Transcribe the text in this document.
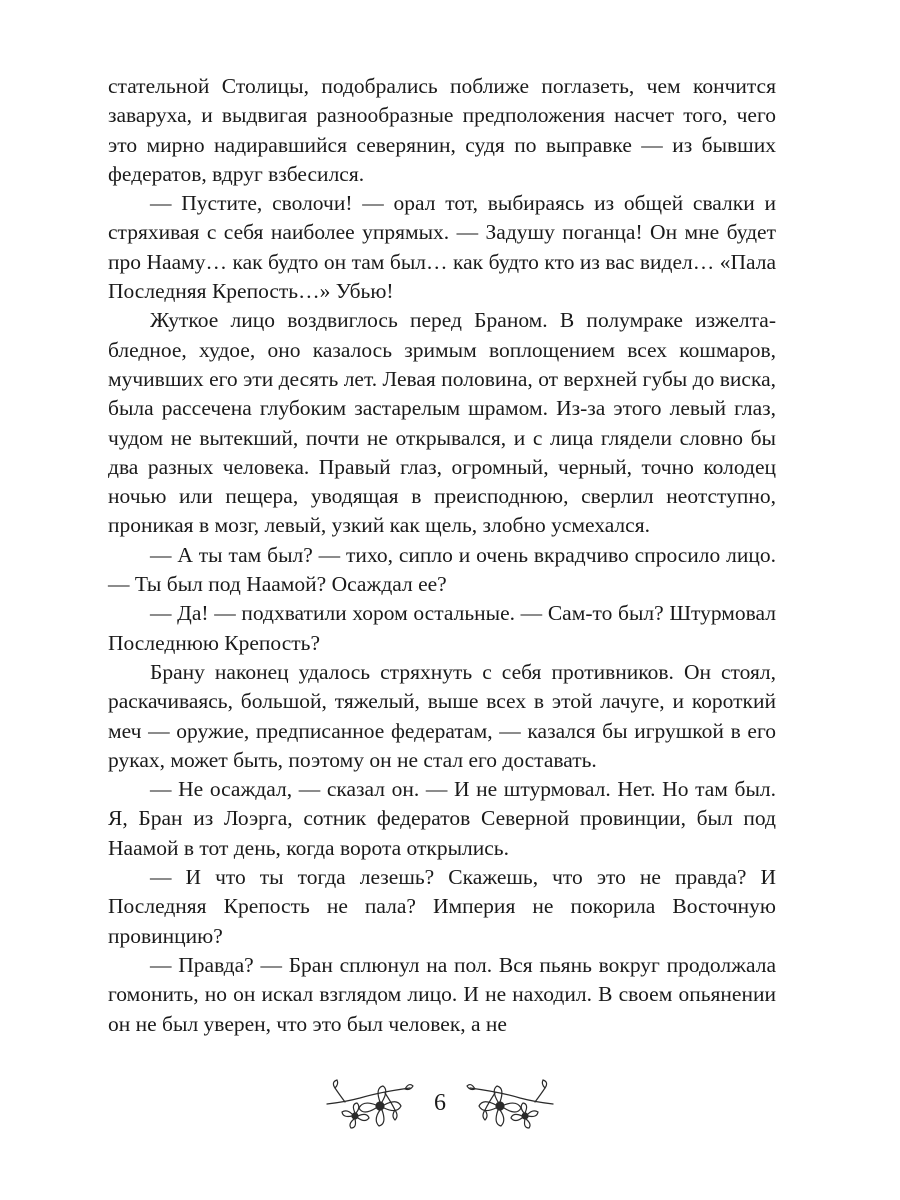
стательной Столицы, подобрались поближе поглазеть, чем кончится заваруха, и выдвигая разнообразные предположения насчет того, чего это мирно надиравшийся северянин, судя по выправке — из бывших федератов, вдруг взбесился.

— Пустите, сволочи! — орал тот, выбираясь из общей свалки и стряхивая с себя наиболее упрямых. — Задушу поганца! Он мне будет про Нааму… как будто он там был… как будто кто из вас видел… «Пала Последняя Крепость…» Убью!

Жуткое лицо воздвиглось перед Браном. В полумраке изжелта-бледное, худое, оно казалось зримым воплощением всех кошмаров, мучивших его эти десять лет. Левая половина, от верхней губы до виска, была рассечена глубоким застарелым шрамом. Из-за этого левый глаз, чудом не вытекший, почти не открывался, и с лица глядели словно бы два разных человека. Правый глаз, огромный, черный, точно колодец ночью или пещера, уводящая в преисподнюю, сверлил неотступно, проникая в мозг, левый, узкий как щель, злобно усмехался.

— А ты там был? — тихо, сипло и очень вкрадчиво спросило лицо. — Ты был под Наамой? Осаждал ее?

— Да! — подхватили хором остальные. — Сам-то был? Штурмовал Последнюю Крепость?

Брану наконец удалось стряхнуть с себя противников. Он стоял, раскачиваясь, большой, тяжелый, выше всех в этой лачуге, и короткий меч — оружие, предписанное федератам, — казался бы игрушкой в его руках, может быть, поэтому он не стал его доставать.

— Не осаждал, — сказал он. — И не штурмовал. Нет. Но там был. Я, Бран из Лоэрга, сотник федератов Северной провинции, был под Наамой в тот день, когда ворота открылись.

— И что ты тогда лезешь? Скажешь, что это не правда? И Последняя Крепость не пала? Империя не покорила Восточную провинцию?

— Правда? — Бран сплюнул на пол. Вся пьянь вокруг продолжала гомонить, но он искал взглядом лицо. И не находил. В своем опьянении он не был уверен, что это был человек, а не

6
